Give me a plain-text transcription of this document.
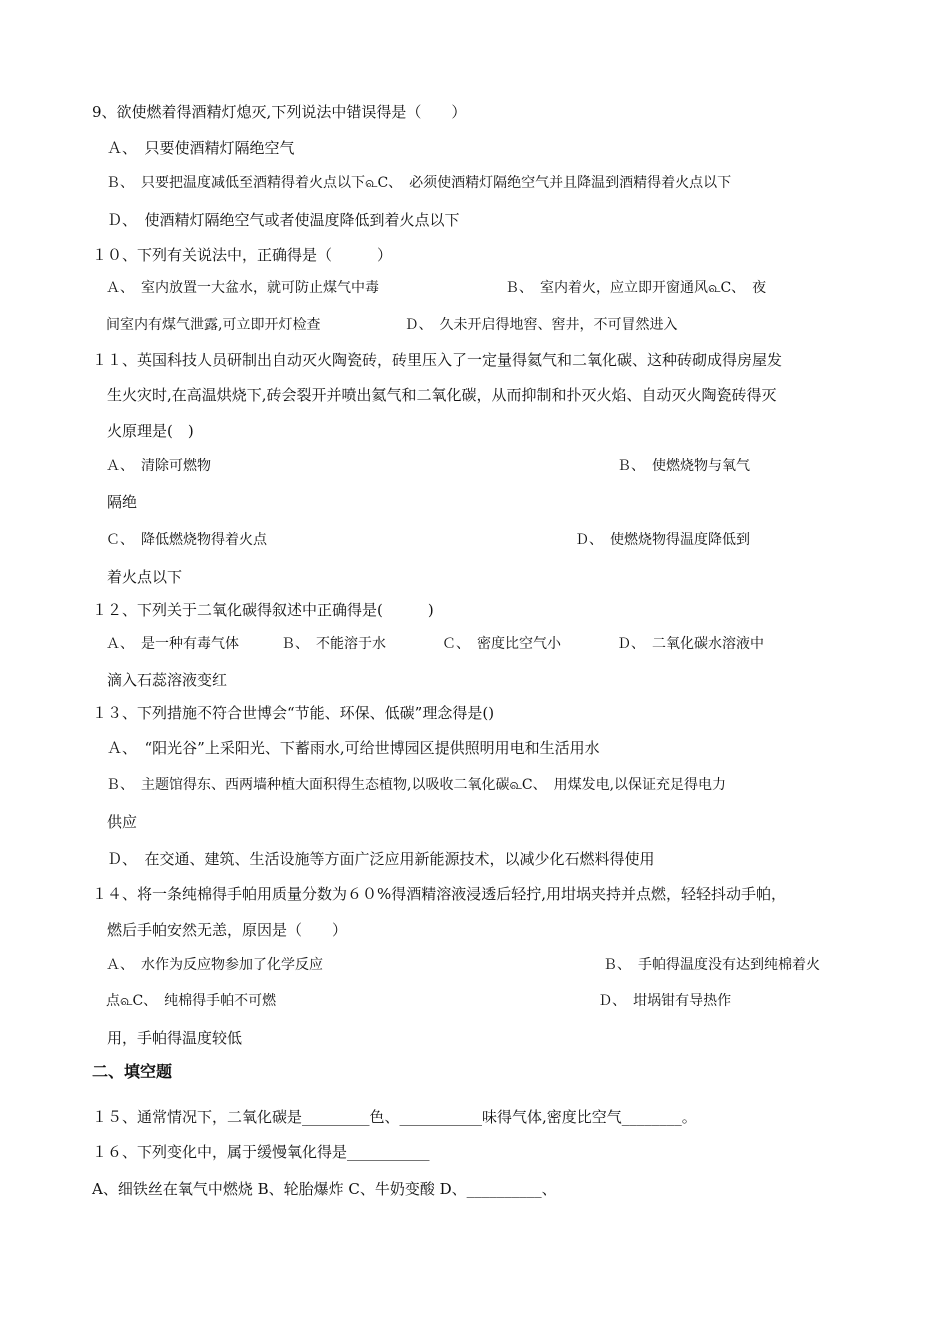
9、欲使燃着得酒精灯熄灭,下列说法中错误得是（　　）
　Ａ、　只要使酒精灯隔绝空气
　Ｂ、　只要把温度减低至酒精得着火点以下௳C、　必须使酒精灯隔绝空气并且降温到酒精得着火点以下
　Ｄ、　使酒精灯隔绝空气或者使温度降低到着火点以下
１０、下列有关说法中，正确得是（　　　）
　Ａ、　室内放置一大盆水，就可防止煤气中毒　　　　　　　　　Ｂ、　室内着火，应立即开窗通风௳C、　夜
　间室内有煤气泄露,可立即开灯检查　　　　　　Ｄ、　久未开启得地窖、窖井，不可冒然进入
１１、英国科技人员研制出自动灭火陶瓷砖，砖里压入了一定量得氦气和二氧化碳、这种砖砌成得房屋发
　生火灾时,在高温烘烧下,砖会裂开并喷出氦气和二氧化碳，从而抑制和扑灭火焰、自动灭火陶瓷砖得灭
　火原理是(　)
　Ａ、　清除可燃物　　　　　　　　　　　　　　　　　　　　　　　　　　　　　Ｂ、　使燃烧物与氧气
　隔绝
　Ｃ、　降低燃烧物得着火点　　　　　　　　　　　　　　　　　　　　　　Ｄ、　使燃烧物得温度降低到
　着火点以下
１２、下列关于二氧化碳得叙述中正确得是(　　　)
　Ａ、　是一种有毒气体　　　Ｂ、　不能溶于水　　　　Ｃ、　密度比空气小　　　　Ｄ、　二氧化碳水溶液中
　滴入石蕊溶液变红
１３、下列措施不符合世博会“节能、环保、低碳”理念得是()
　Ａ、　“阳光谷”上采阳光、下蓄雨水,可给世博园区提供照明用电和生活用水
　Ｂ、　主题馆得东、西两墙种植大面积得生态植物,以吸收二氧化碳௳C、　用煤发电,以保证充足得电力
　供应
　Ｄ、　在交通、建筑、生活设施等方面广泛应用新能源技术，以减少化石燃料得使用
１４、将一条纯棉得手帕用质量分数为６０%得酒精溶液浸透后轻拧,用坩埚夹持并点燃，轻轻抖动手帕，
　燃后手帕安然无恙，原因是（　　）
　Ａ、　水作为反应物参加了化学反应　　　　　　　　　　　　　　　　　　　　Ｂ、　手帕得温度没有达到纯棉着火
　点௳C、　纯棉得手帕不可燃　　　　　　　　　　　　　　　　　　　　　　　Ｄ、　坩埚钳有导热作
　用，手帕得温度较低
二、填空题
１５、通常情况下，二氧化碳是_________色、___________味得气体,密度比空气________。
１６、下列变化中，属于缓慢氧化得是___________
A、细铁丝在氧气中燃烧 B、轮胎爆炸 C、牛奶变酸 D、__________、
